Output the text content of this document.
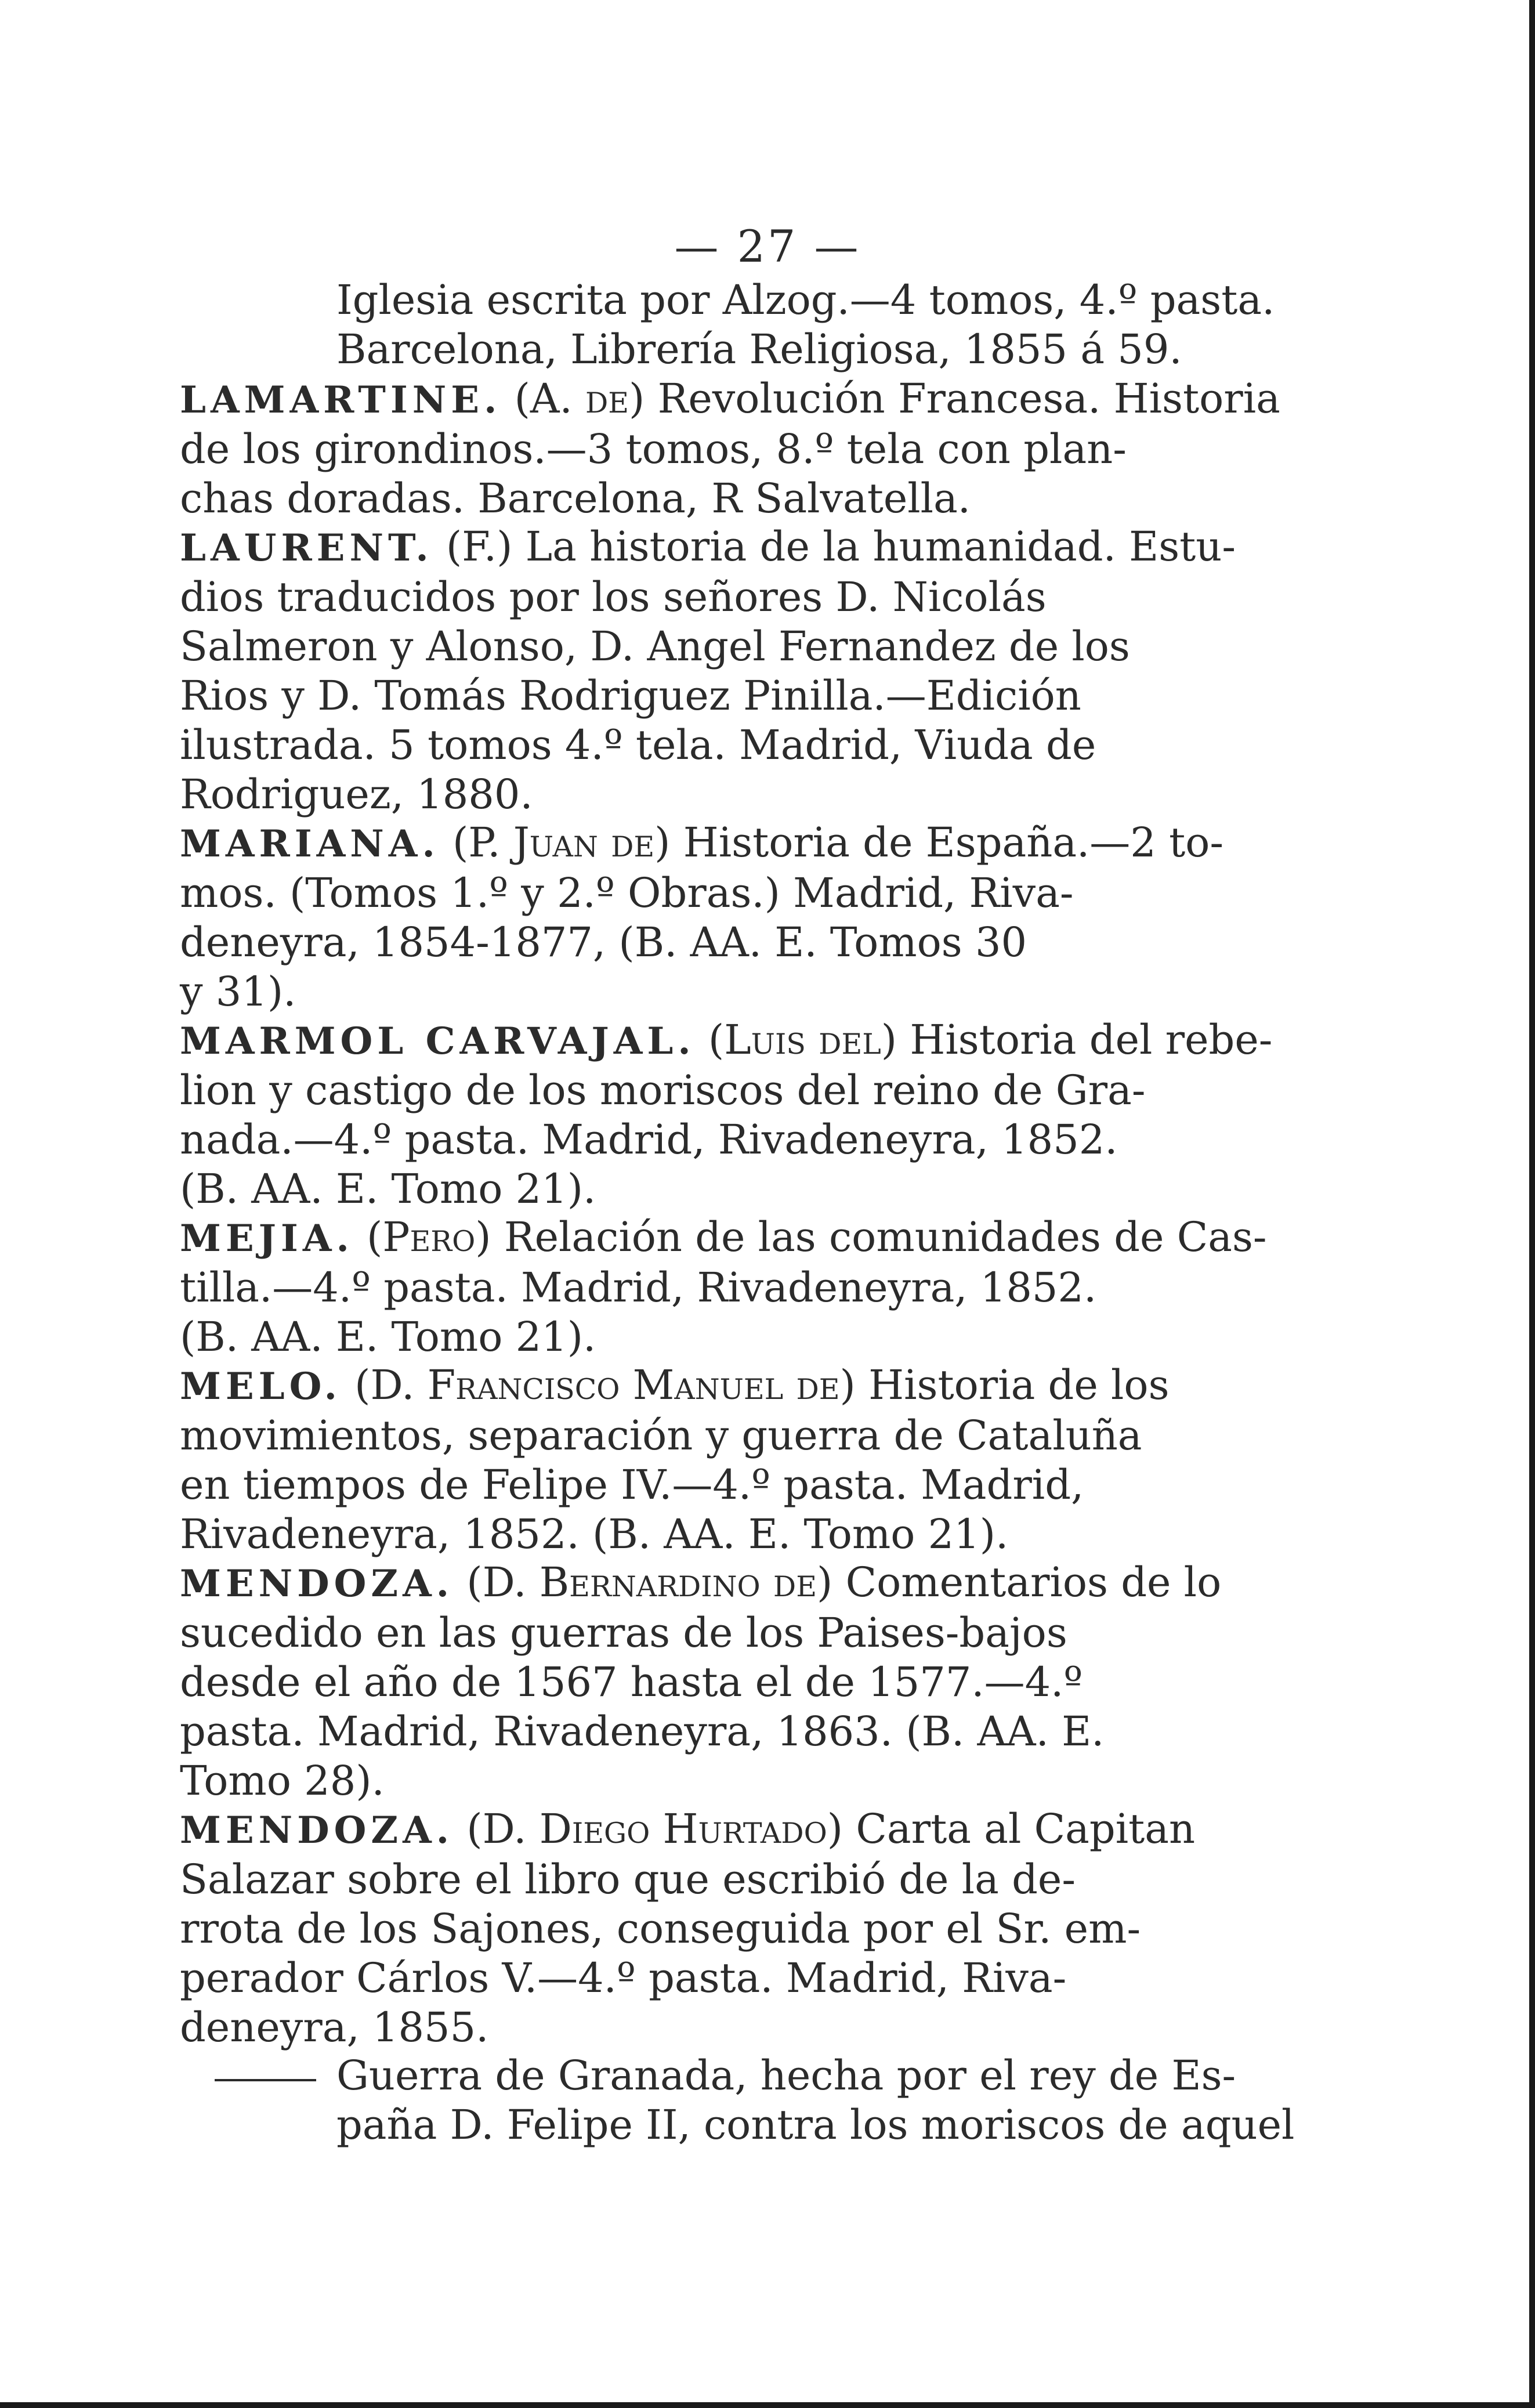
— 27 —
Iglesia escrita por Alzog.—4 tomos, 4.º pasta.
Barcelona, Librería Religiosa, 1855 á 59.
LAMARTINE. (A. de) Revolución Francesa. Historia
de los girondinos.—3 tomos, 8.º tela con plan-
chas doradas. Barcelona, R Salvatella.
LAURENT. (F.) La historia de la humanidad. Estu-
dios traducidos por los señores D. Nicolás
Salmeron y Alonso, D. Angel Fernandez de los
Rios y D. Tomás Rodriguez Pinilla.—Edición
ilustrada. 5 tomos 4.º tela. Madrid, Viuda de
Rodriguez, 1880.
MARIANA. (P. Juan de) Historia de España.—2 to-
mos. (Tomos 1.º y 2.º Obras.) Madrid, Riva-
deneyra, 1854-1877, (B. AA. E. Tomos 30
y 31).
MARMOL CARVAJAL. (Luis del) Historia del rebe-
lion y castigo de los moriscos del reino de Gra-
nada.—4.º pasta. Madrid, Rivadeneyra, 1852.
(B. AA. E. Tomo 21).
MEJIA. (Pero) Relación de las comunidades de Cas-
tilla.—4.º pasta. Madrid, Rivadeneyra, 1852.
(B. AA. E. Tomo 21).
MELO. (D. Francisco Manuel de) Historia de los
movimientos, separación y guerra de Cataluña
en tiempos de Felipe IV.—4.º pasta. Madrid,
Rivadeneyra, 1852. (B. AA. E. Tomo 21).
MENDOZA. (D. Bernardino de) Comentarios de lo
sucedido en las guerras de los Paises-bajos
desde el año de 1567 hasta el de 1577.—4.º
pasta. Madrid, Rivadeneyra, 1863. (B. AA. E.
Tomo 28).
MENDOZA. (D. Diego Hurtado) Carta al Capitan
Salazar sobre el libro que escribió de la de-
rrota de los Sajones, conseguida por el Sr. em-
perador Cárlos V.—4.º pasta. Madrid, Riva-
deneyra, 1855.
Guerra de Granada, hecha por el rey de Es-
paña D. Felipe II, contra los moriscos de aquel
